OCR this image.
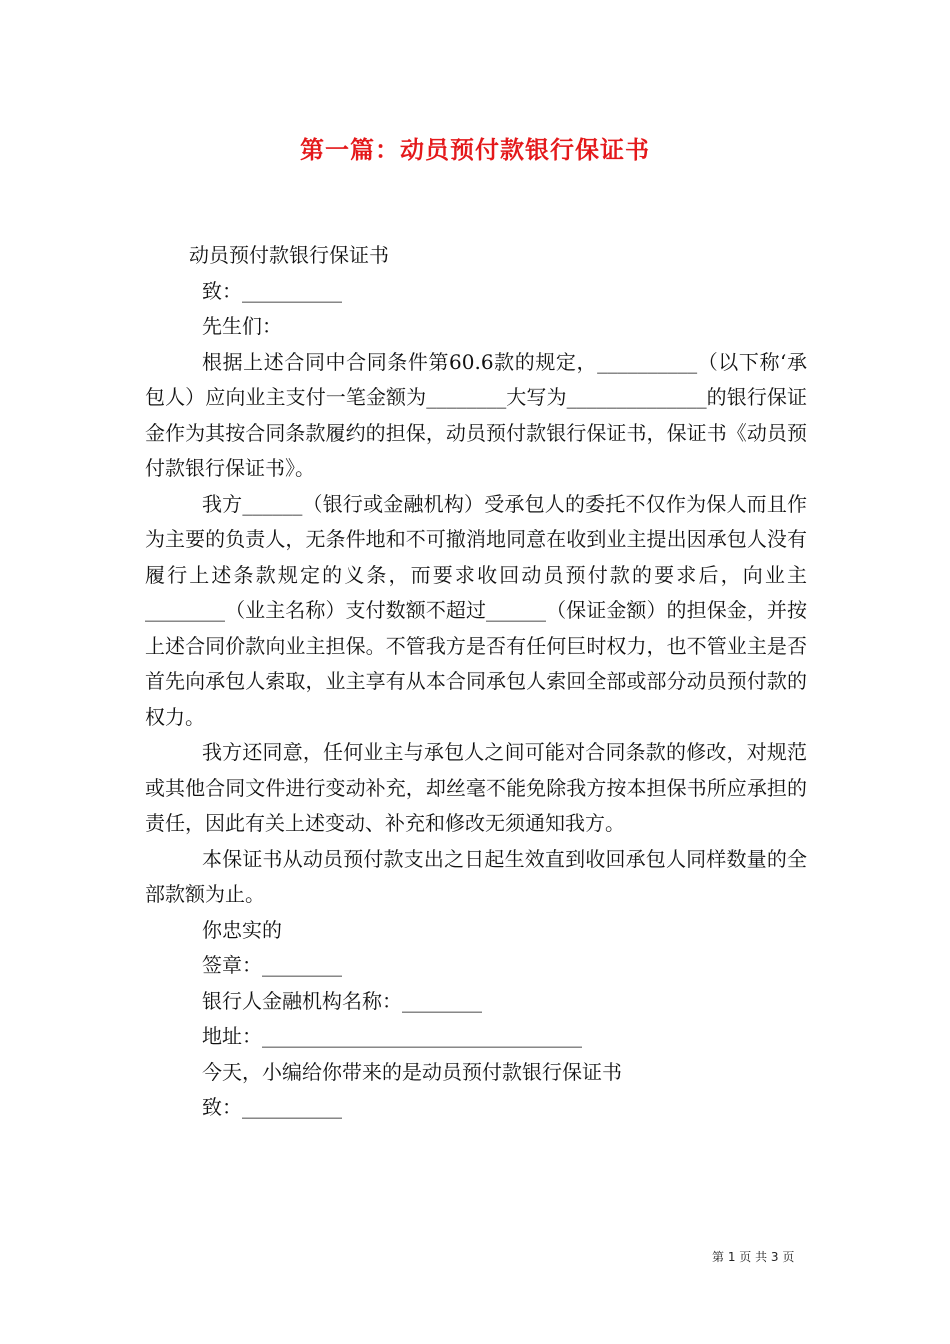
第一篇：动员预付款银行保证书

动员预付款银行保证书

致：__________

先生们：

根据上述合同中合同条件第60.6款的规定，__________（以下称‘承包人）应向业主支付一笔金额为________大写为______________的银行保证金作为其按合同条款履约的担保，动员预付款银行保证书，保证书《动员预付款银行保证书》。

我方______（银行或金融机构）受承包人的委托不仅作为保人而且作为主要的负责人，无条件地和不可撤消地同意在收到业主提出因承包人没有履行上述条款规定的义条，而要求收回动员预付款的要求后，向业主________（业主名称）支付数额不超过______（保证金额）的担保金，并按上述合同价款向业主担保。不管我方是否有任何巨时权力，也不管业主是否首先向承包人索取，业主享有从本合同承包人索回全部或部分动员预付款的权力。

我方还同意，任何业主与承包人之间可能对合同条款的修改，对规范或其他合同文件进行变动补充，却丝毫不能免除我方按本担保书所应承担的责任，因此有关上述变动、补充和修改无须通知我方。

本保证书从动员预付款支出之日起生效直到收回承包人同样数量的全部款额为止。

你忠实的

签章：________

银行人金融机构名称：________

地址：________________________________

今天，小编给你带来的是动员预付款银行保证书

致：__________

第 1 页 共 3 页
